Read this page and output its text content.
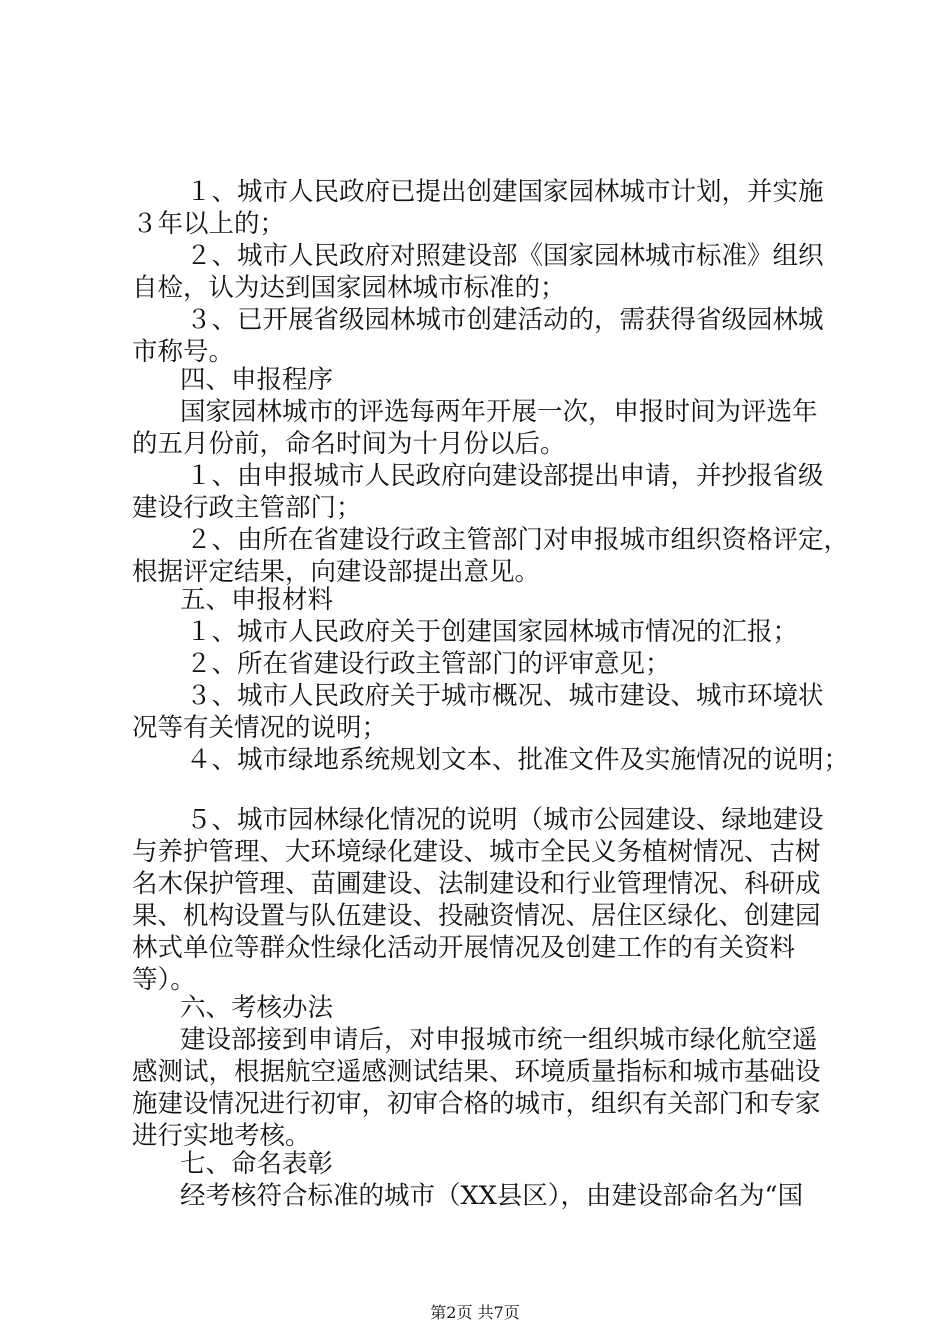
１、城市人民政府已提出创建国家园林城市计划，并实施
３年以上的；
２、城市人民政府对照建设部《国家园林城市标准》组织
自检，认为达到国家园林城市标准的；
３、已开展省级园林城市创建活动的，需获得省级园林城
市称号。
四、申报程序
国家园林城市的评选每两年开展一次，申报时间为评选年
的五月份前，命名时间为十月份以后。
１、由申报城市人民政府向建设部提出申请，并抄报省级
建设行政主管部门；
２、由所在省建设行政主管部门对申报城市组织资格评定，
根据评定结果，向建设部提出意见。
五、申报材料
１、城市人民政府关于创建国家园林城市情况的汇报；
２、所在省建设行政主管部门的评审意见；
３、城市人民政府关于城市概况、城市建设、城市环境状
况等有关情况的说明；
４、城市绿地系统规划文本、批准文件及实施情况的说明；
５、城市园林绿化情况的说明（城市公园建设、绿地建设
与养护管理、大环境绿化建设、城市全民义务植树情况、古树
名木保护管理、苗圃建设、法制建设和行业管理情况、科研成
果、机构设置与队伍建设、投融资情况、居住区绿化、创建园
林式单位等群众性绿化活动开展情况及创建工作的有关资料
等）。
六、考核办法
建设部接到申请后，对申报城市统一组织城市绿化航空遥
感测试，根据航空遥感测试结果、环境质量指标和城市基础设
施建设情况进行初审，初审合格的城市，组织有关部门和专家
进行实地考核。
七、命名表彰
经考核符合标准的城市（XX县区），由建设部命名为“国
第2页 共7页
